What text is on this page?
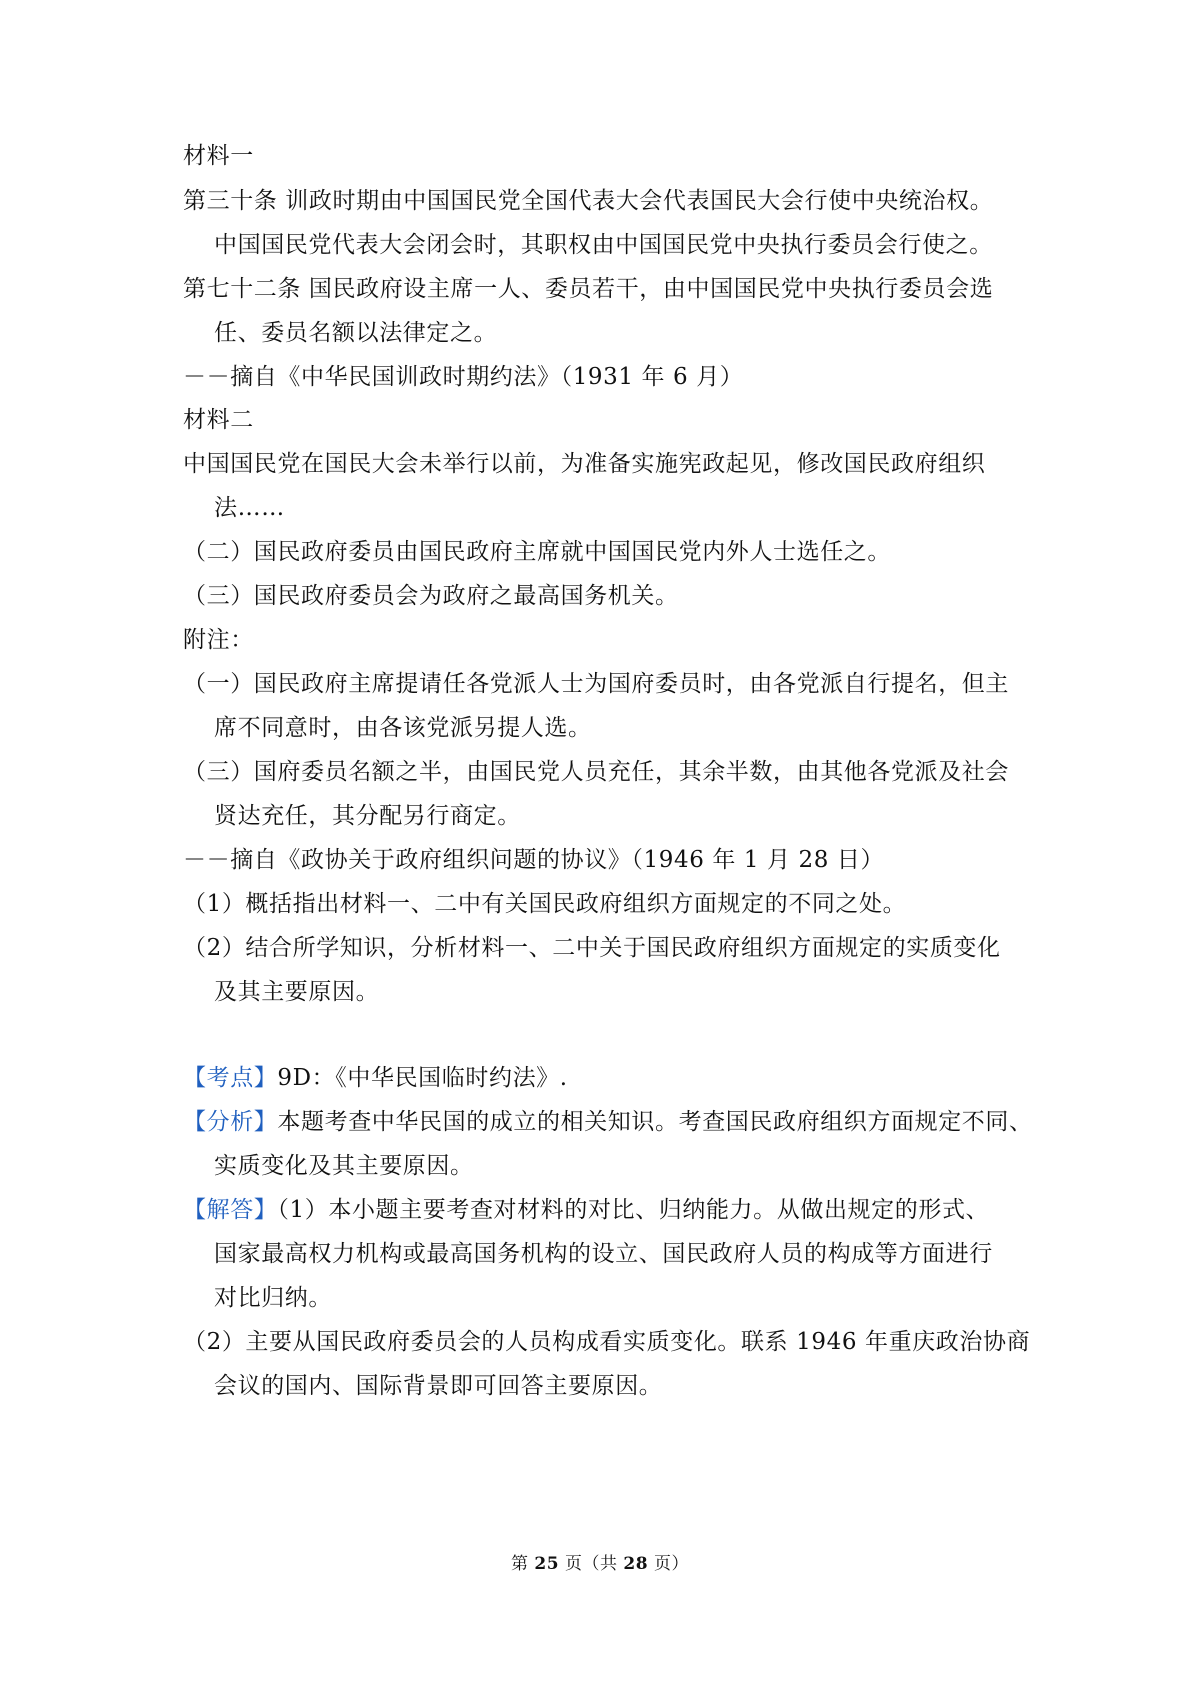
材料一
第三十条 训政时期由中国国民党全国代表大会代表国民大会行使中央统治权。
中国国民党代表大会闭会时，其职权由中国国民党中央执行委员会行使之。
第七十二条 国民政府设主席一人、委员若干，由中国国民党中央执行委员会选
任、委员名额以法律定之。
－－摘自《中华民国训政时期约法》（1931 年 6 月）
材料二
中国国民党在国民大会未举行以前，为准备实施宪政起见，修改国民政府组织
法……
（二）国民政府委员由国民政府主席就中国国民党内外人士选任之。
（三）国民政府委员会为政府之最高国务机关。
附注：
（一）国民政府主席提请任各党派人士为国府委员时，由各党派自行提名，但主
席不同意时，由各该党派另提人选。
（三）国府委员名额之半，由国民党人员充任，其余半数，由其他各党派及社会
贤达充任，其分配另行商定。
－－摘自《政协关于政府组织问题的协议》（1946 年 1 月 28 日）
（1）概括指出材料一、二中有关国民政府组织方面规定的不同之处。
（2）结合所学知识，分析材料一、二中关于国民政府组织方面规定的实质变化
及其主要原因。
【考点】9D：《中华民国临时约法》.
【分析】本题考查中华民国的成立的相关知识。考查国民政府组织方面规定不同、
实质变化及其主要原因。
【解答】（1）本小题主要考查对材料的对比、归纳能力。从做出规定的形式、
国家最高权力机构或最高国务机构的设立、国民政府人员的构成等方面进行
对比归纳。
（2）主要从国民政府委员会的人员构成看实质变化。联系 1946 年重庆政治协商
会议的国内、国际背景即可回答主要原因。
第 25 页（共 28 页）
